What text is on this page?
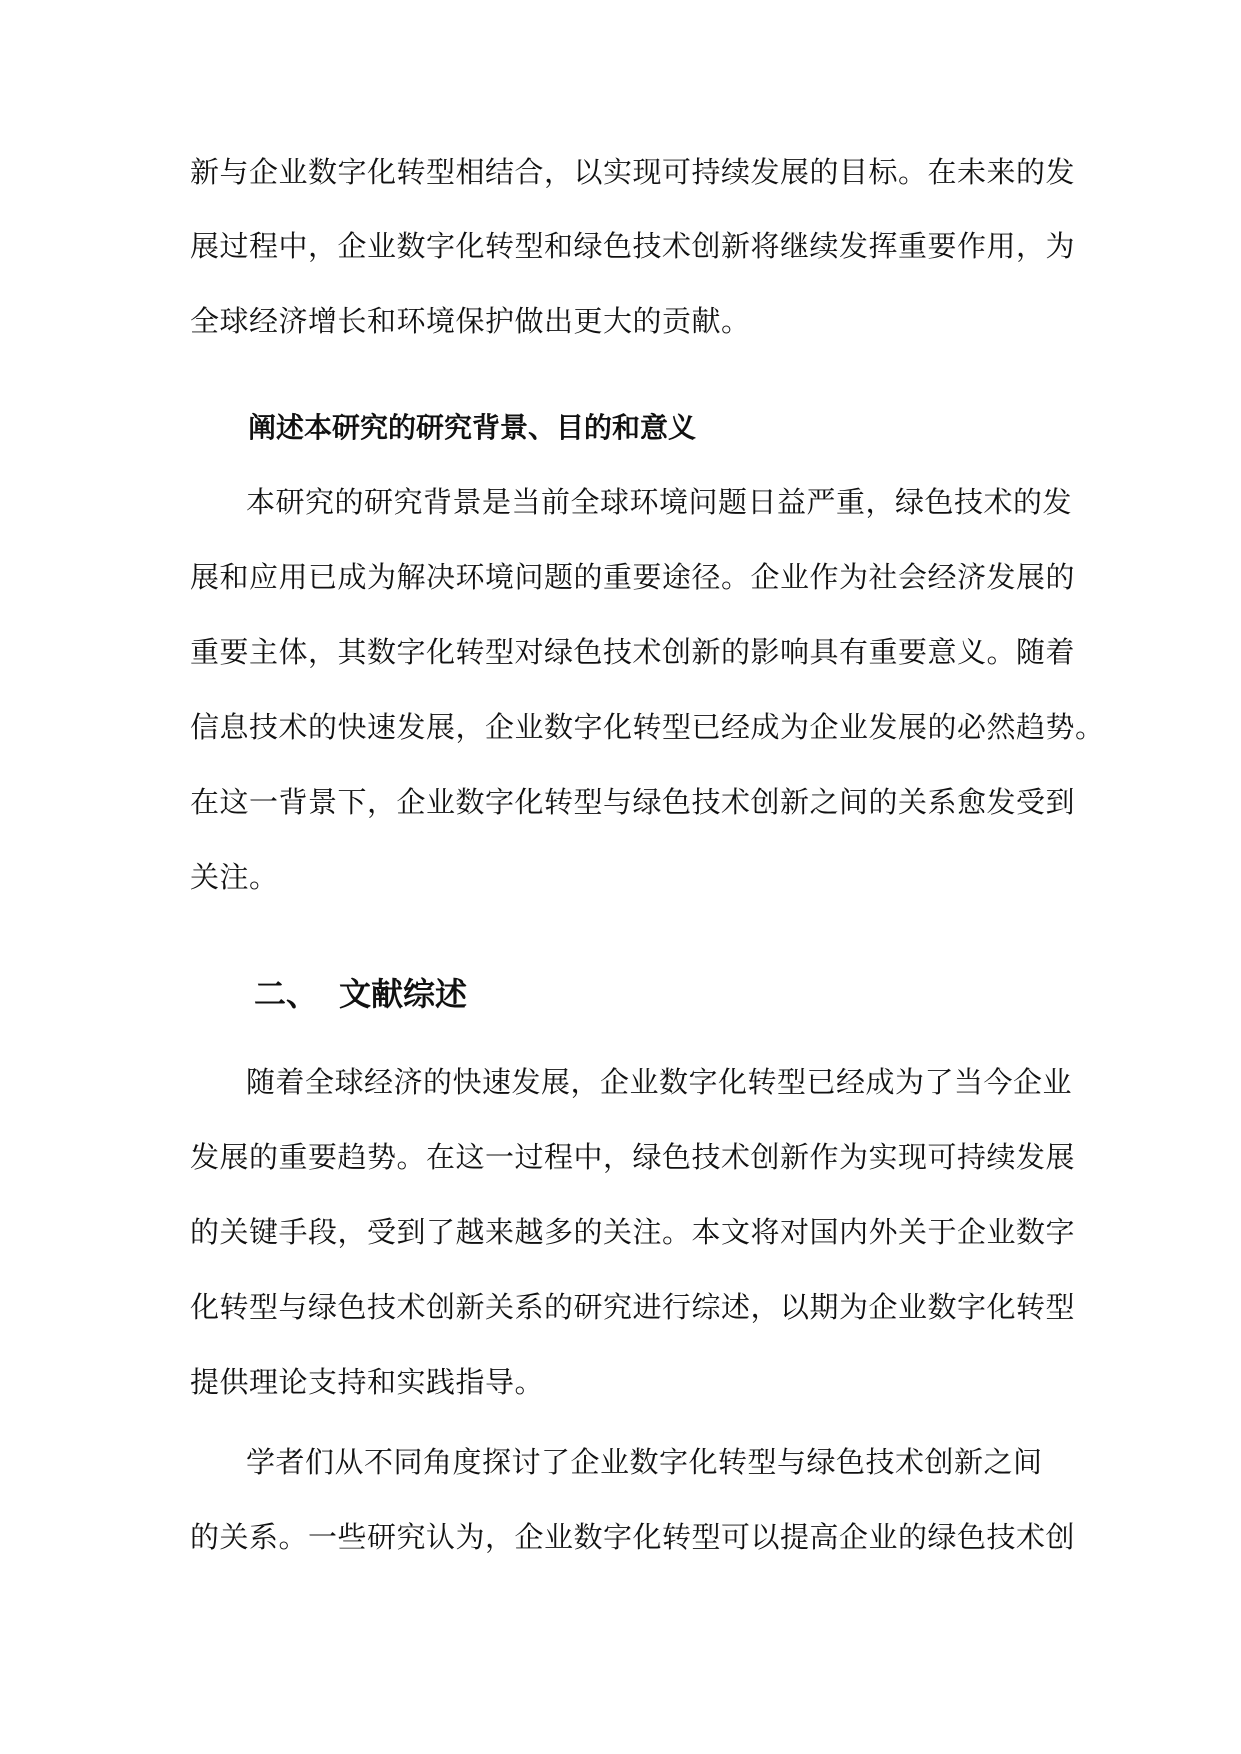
新与企业数字化转型相结合，以实现可持续发展的目标。在未来的发
展过程中，企业数字化转型和绿色技术创新将继续发挥重要作用，为
全球经济增长和环境保护做出更大的贡献。
阐述本研究的研究背景、目的和意义
本研究的研究背景是当前全球环境问题日益严重，绿色技术的发
展和应用已成为解决环境问题的重要途径。企业作为社会经济发展的
重要主体，其数字化转型对绿色技术创新的影响具有重要意义。随着
信息技术的快速发展，企业数字化转型已经成为企业发展的必然趋势。
在这一背景下，企业数字化转型与绿色技术创新之间的关系愈发受到
关注。
二、 文献综述
随着全球经济的快速发展，企业数字化转型已经成为了当今企业
发展的重要趋势。在这一过程中，绿色技术创新作为实现可持续发展
的关键手段，受到了越来越多的关注。本文将对国内外关于企业数字
化转型与绿色技术创新关系的研究进行综述，以期为企业数字化转型
提供理论支持和实践指导。
学者们从不同角度探讨了企业数字化转型与绿色技术创新之间
的关系。一些研究认为，企业数字化转型可以提高企业的绿色技术创
